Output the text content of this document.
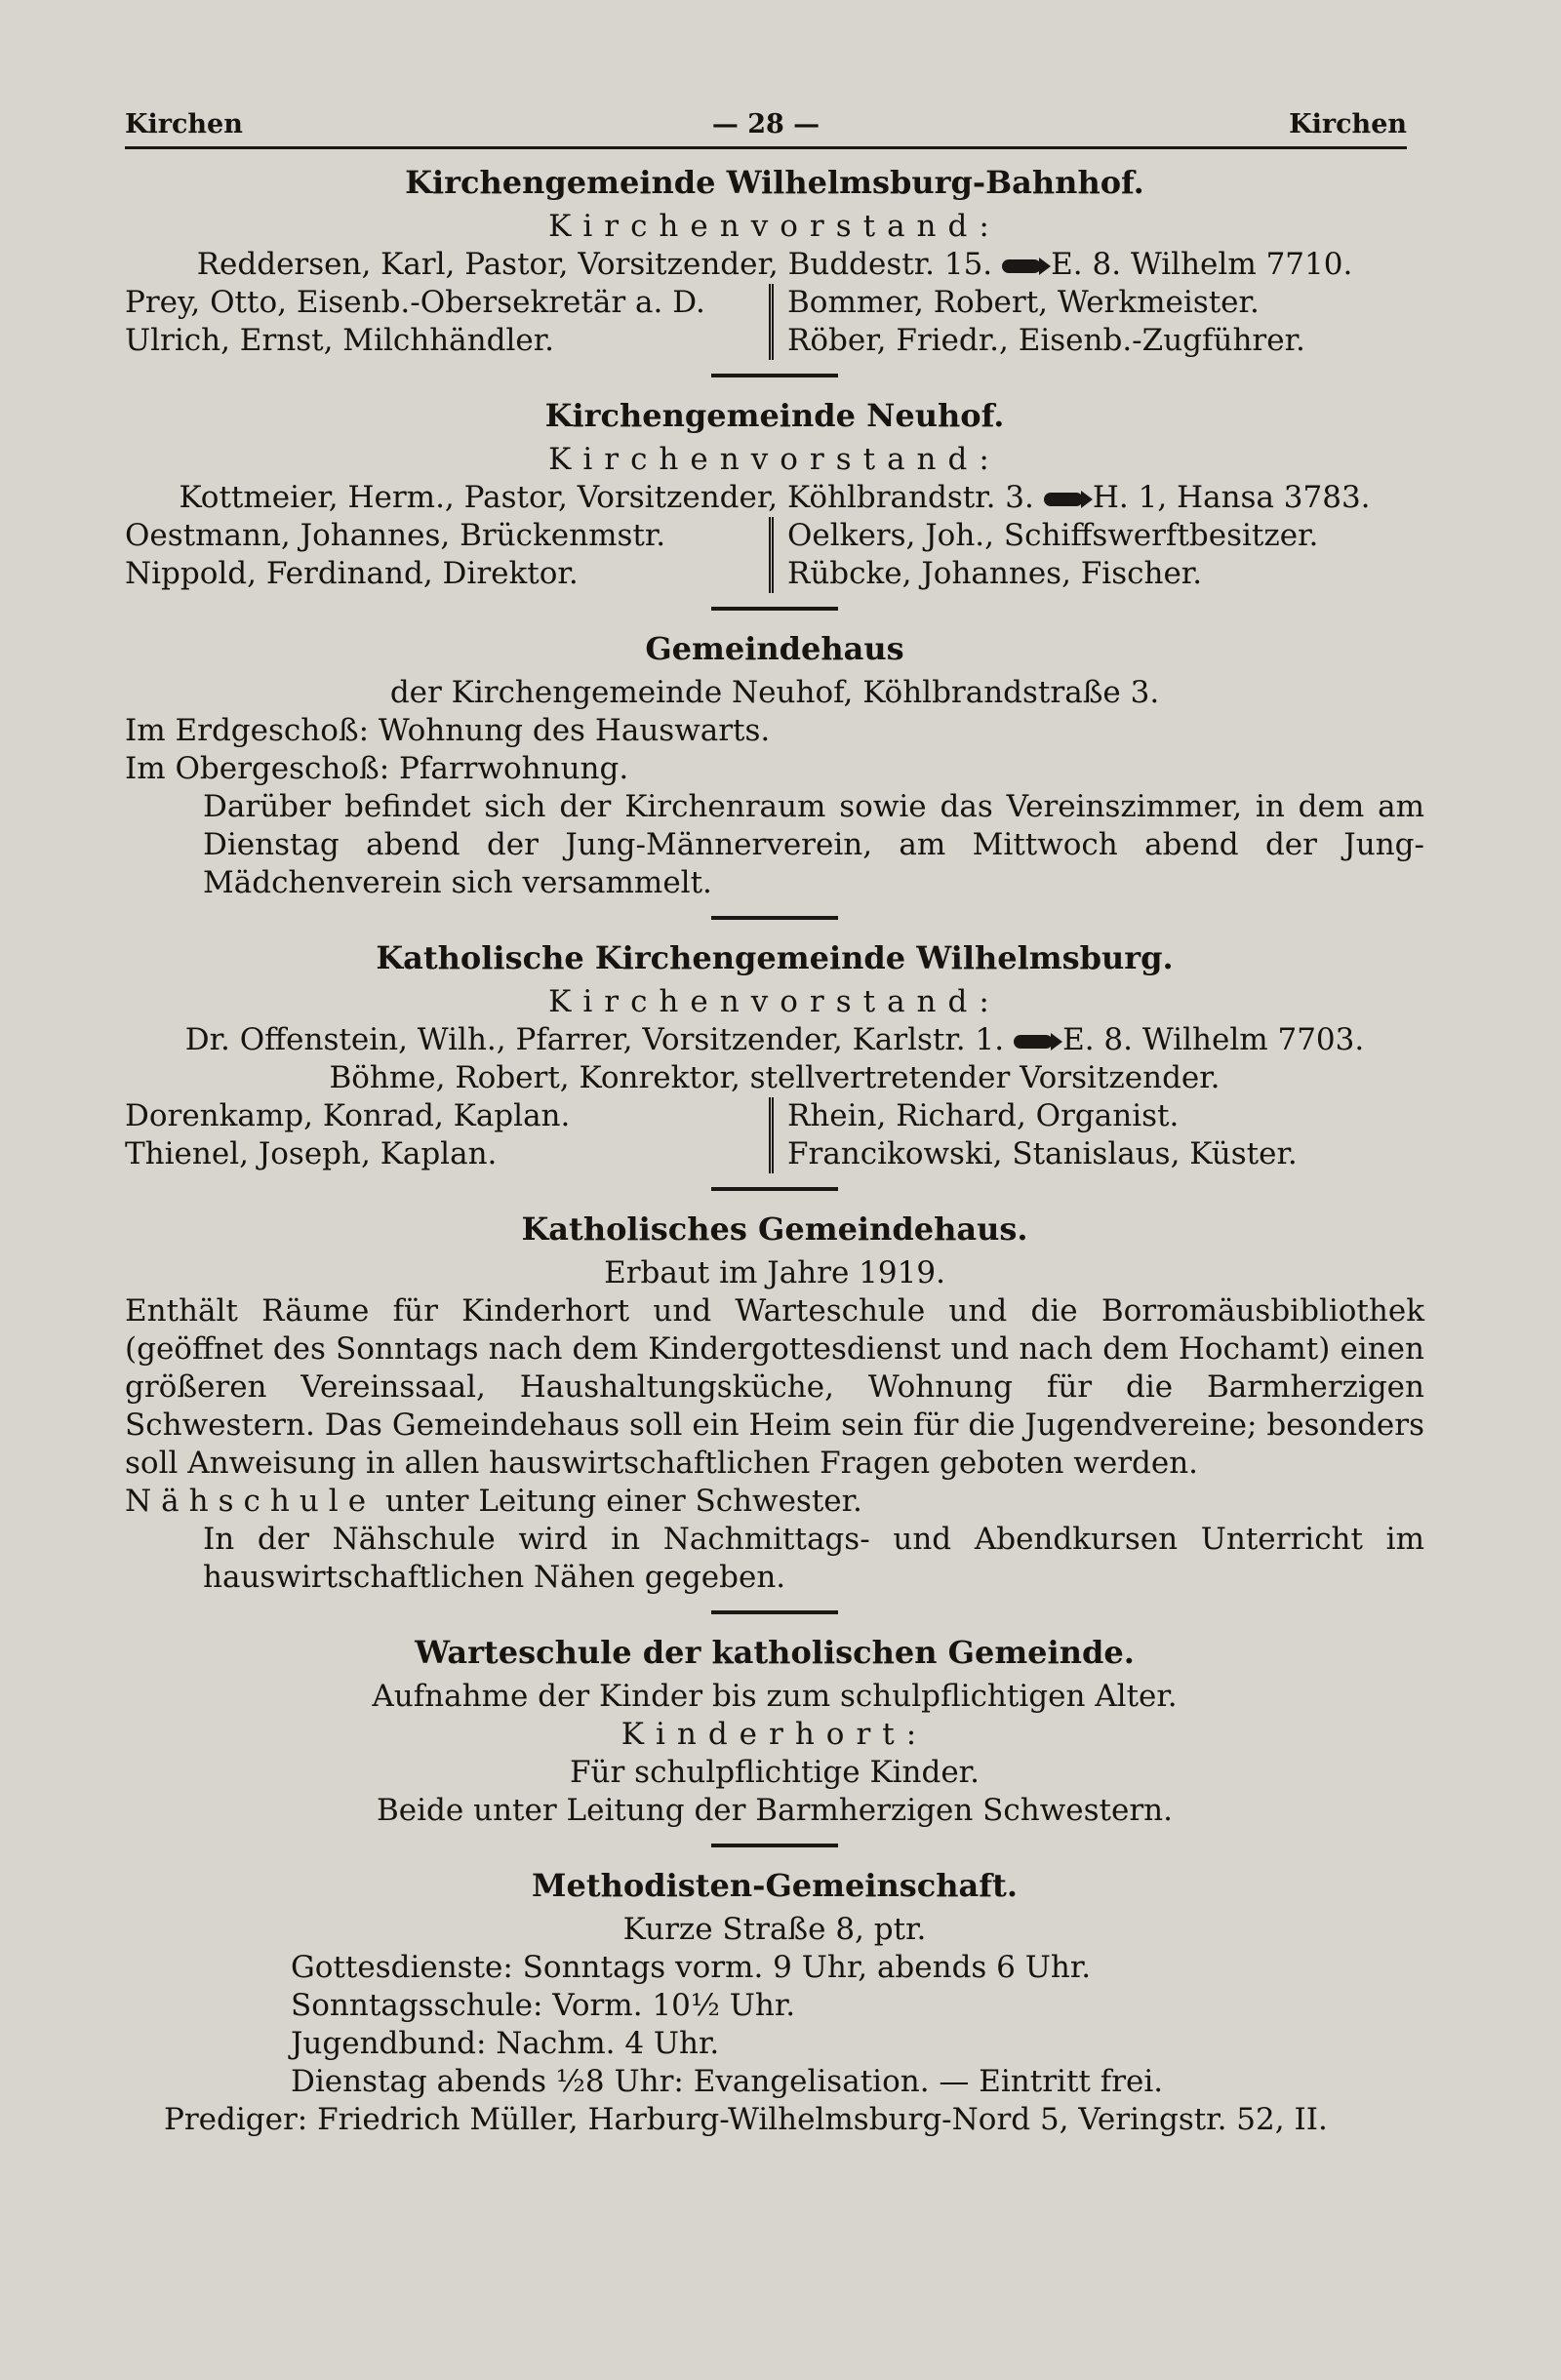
Kirchen	— 28 —	Kirchen
Kirchengemeinde Wilhelmsburg-Bahnhof.
Kirchenvorstand:
Reddersen, Karl, Pastor, Vorsitzender, Buddestr. 15. E. 8. Wilhelm 7710.
Prey, Otto, Eisenb.-Obersekretär a. D.
Ulrich, Ernst, Milchhändler.
Bommer, Robert, Werkmeister.
Röber, Friedr., Eisenb.-Zugführer.
Kirchengemeinde Neuhof.
Kirchenvorstand:
Kottmeier, Herm., Pastor, Vorsitzender, Köhlbrandstr. 3. H. 1, Hansa 3783.
Oestmann, Johannes, Brückenmstr.
Nippold, Ferdinand, Direktor.
Oelkers, Joh., Schiffswerftbesitzer.
Rübcke, Johannes, Fischer.
Gemeindehaus
der Kirchengemeinde Neuhof, Köhlbrandstraße 3.
Im Erdgeschoß: Wohnung des Hauswarts.
Im Obergeschoß: Pfarrwohnung.
Darüber befindet sich der Kirchenraum sowie das Vereinszimmer, in dem am Dienstag abend der Jung-Männerverein, am Mittwoch abend der Jung-Mädchenverein sich versammelt.
Katholische Kirchengemeinde Wilhelmsburg.
Kirchenvorstand:
Dr. Offenstein, Wilh., Pfarrer, Vorsitzender, Karlstr. 1. E. 8. Wilhelm 7703.
Böhme, Robert, Konrektor, stellvertretender Vorsitzender.
Dorenkamp, Konrad, Kaplan.
Thienel, Joseph, Kaplan.
Rhein, Richard, Organist.
Francikowski, Stanislaus, Küster.
Katholisches Gemeindehaus.
Erbaut im Jahre 1919.
Enthält Räume für Kinderhort und Warteschule und die Borromäusbibliothek (geöffnet des Sonntags nach dem Kindergottesdienst und nach dem Hochamt) einen größeren Vereinssaal, Haushaltungsküche, Wohnung für die Barmherzigen Schwestern. Das Gemeindehaus soll ein Heim sein für die Jugendvereine; besonders soll Anweisung in allen hauswirtschaftlichen Fragen geboten werden.
Nähschule unter Leitung einer Schwester.
In der Nähschule wird in Nachmittags- und Abendkursen Unterricht im hauswirtschaftlichen Nähen gegeben.
Warteschule der katholischen Gemeinde.
Aufnahme der Kinder bis zum schulpflichtigen Alter.
Kinderhort:
Für schulpflichtige Kinder.
Beide unter Leitung der Barmherzigen Schwestern.
Methodisten-Gemeinschaft.
Kurze Straße 8, ptr.
Gottesdienste: Sonntags vorm. 9 Uhr, abends 6 Uhr.
Sonntagsschule: Vorm. 10½ Uhr.
Jugendbund: Nachm. 4 Uhr.
Dienstag abends ½8 Uhr: Evangelisation. — Eintritt frei.
Prediger: Friedrich Müller, Harburg-Wilhelmsburg-Nord 5, Veringstr. 52, II.
